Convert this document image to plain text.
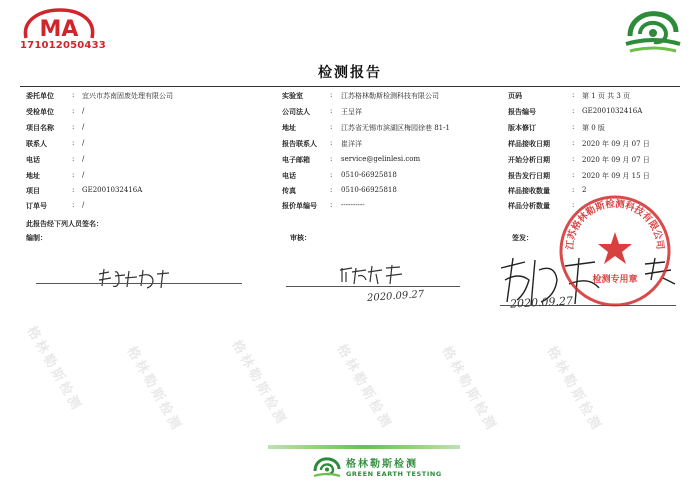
MA
171012050433
检测报告
格林勒斯检测	格林勒斯检测	格林勒斯检测	格林勒斯检测	格林勒斯检测	格林勒斯检测
委托单位	: 宜兴市苏南固废处理有限公司
受检单位	: /
项目名称	: /
联系人	: /
电话	: /
地址	: /
项目	: GE2001032416A
订单号	: /
实验室	: 江苏格林勒斯检测科技有限公司
公司法人	: 王呈祥
地址	: 江苏省无锡市滨湖区梅园徐巷 81-1
报告联系人 : 崔洋洋
电子邮箱	: service@gelinlesi.com
电话	: 0510-66925818
传真	: 0510-66925818
报价单编号 : ----------
页码	: 第 1 页 共 3 页
报告编号	: GE2001032416A
版本修订	: 第 0 版
样品接收日期	: 2020 年 09 月 07 日
开始分析日期	: 2020 年 09 月 07 日
报告发行日期	: 2020 年 09 月 15 日
样品接收数量	: 2
样品分析数量	:
此报告经下列人员签名：
编制：	审核：	签发：
2020.09.27	2020.09.27
江苏格林勒斯检测科技有限公司
检测专用章
格林勒斯检测
GREEN EARTH TESTING
